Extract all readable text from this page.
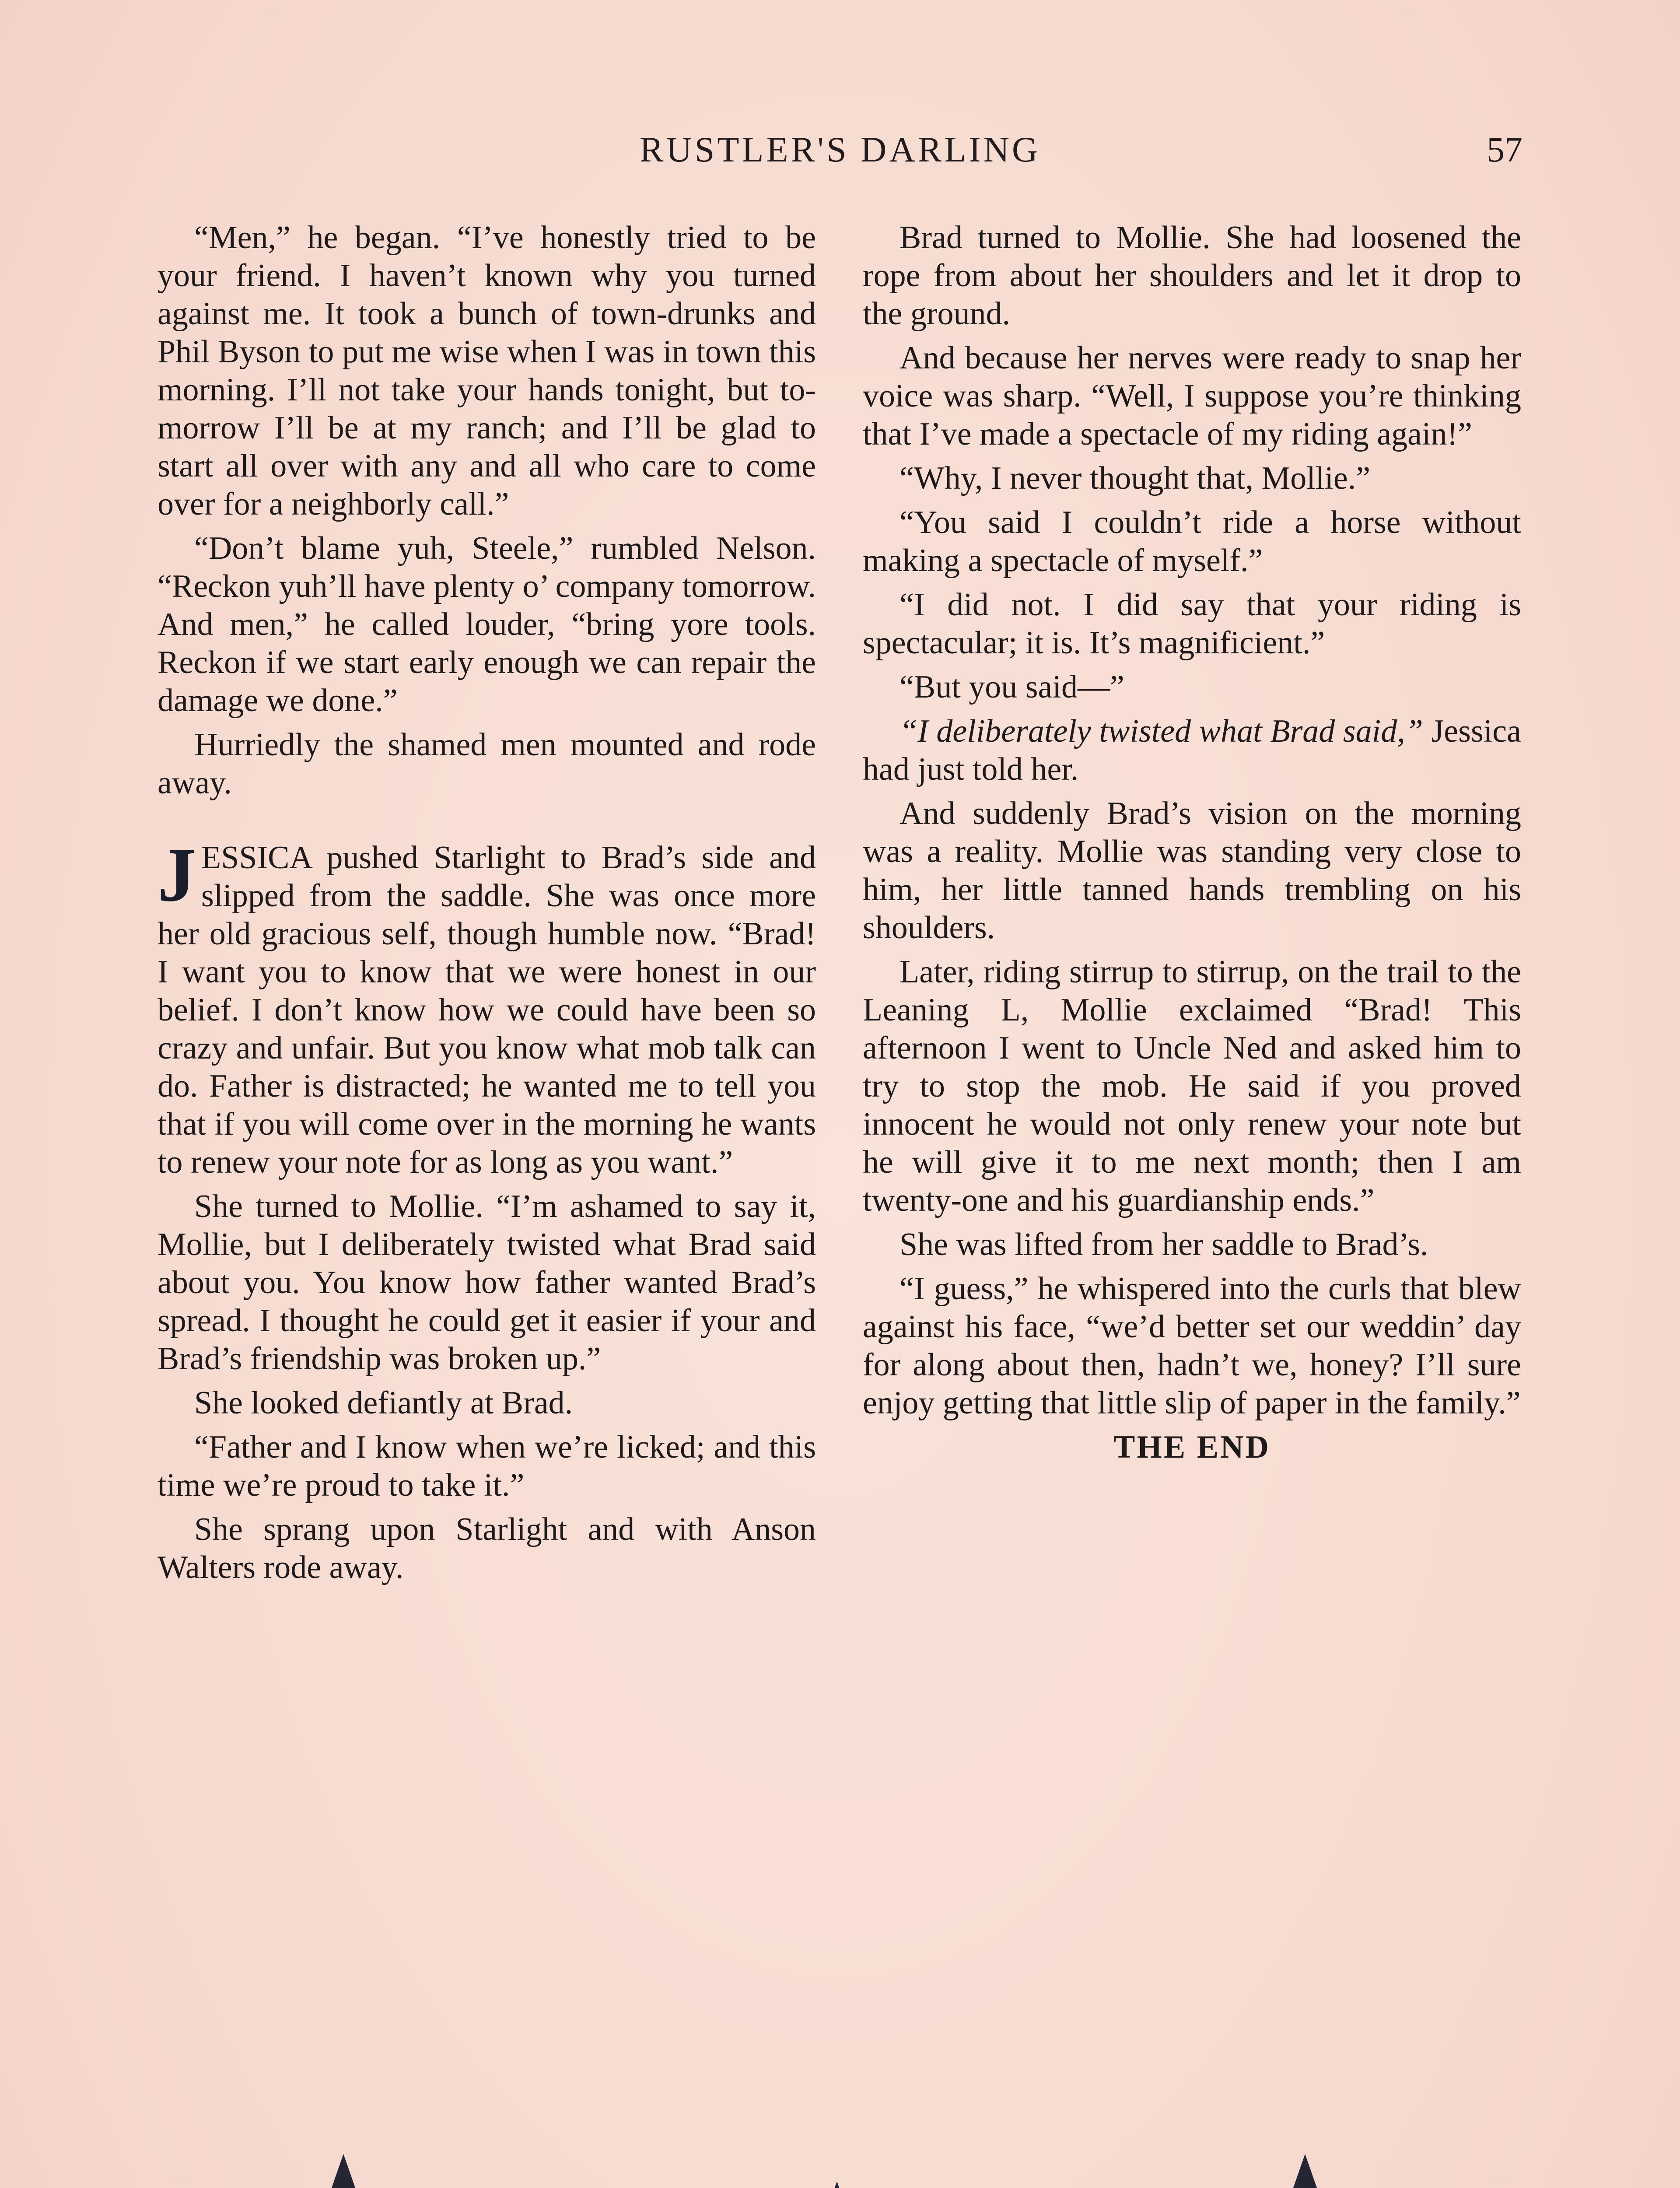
RUSTLER'S DARLING	57

“Men,” he began. “I’ve honestly tried to be your friend. I haven’t known why you turned against me. It took a bunch of town-drunks and Phil Byson to put me wise when I was in town this morning. I’ll not take your hands tonight, but tomorrow I’ll be at my ranch; and I’ll be glad to start all over with any and all who care to come over for a neighborly call.”

“Don’t blame yuh, Steele,” rumbled Nelson. “Reckon yuh’ll have plenty o’ company tomorrow. And men,” he called louder, “bring yore tools. Reckon if we start early enough we can repair the damage we done.”

Hurriedly the shamed men mounted and rode away.

JESSICA pushed Starlight to Brad’s side and slipped from the saddle. She was once more her old gracious self, though humble now. “Brad! I want you to know that we were honest in our belief. I don’t know how we could have been so crazy and unfair. But you know what mob talk can do. Father is distracted; he wanted me to tell you that if you will come over in the morning he wants to renew your note for as long as you want.”

She turned to Mollie. “I’m ashamed to say it, Mollie, but I deliberately twisted what Brad said about you. You know how father wanted Brad’s spread. I thought he could get it easier if your and Brad’s friendship was broken up.”

She looked defiantly at Brad.

“Father and I know when we’re licked; and this time we’re proud to take it.”

She sprang upon Starlight and with Anson Walters rode away.

Brad turned to Mollie. She had loosened the rope from about her shoulders and let it drop to the ground.

And because her nerves were ready to snap her voice was sharp. “Well, I suppose you’re thinking that I’ve made a spectacle of my riding again!”

“Why, I never thought that, Mollie.”

“You said I couldn’t ride a horse without making a spectacle of myself.”

“I did not. I did say that your riding is spectacular; it is. It’s magnificient.”

“But you said—”

“I deliberately twisted what Brad said,” Jessica had just told her.

And suddenly Brad’s vision on the morning was a reality. Mollie was standing very close to him, her little tanned hands trembling on his shoulders.

Later, riding stirrup to stirrup, on the trail to the Leaning L, Mollie exclaimed “Brad! This afternoon I went to Uncle Ned and asked him to try to stop the mob. He said if you proved innocent he would not only renew your note but he will give it to me next month; then I am twenty-one and his guardianship ends.”

She was lifted from her saddle to Brad’s.

“I guess,” he whispered into the curls that blew against his face, “we’d better set our weddin’ day for along about then, hadn’t we, honey? I’ll sure enjoy getting that little slip of paper in the family.”

THE END
